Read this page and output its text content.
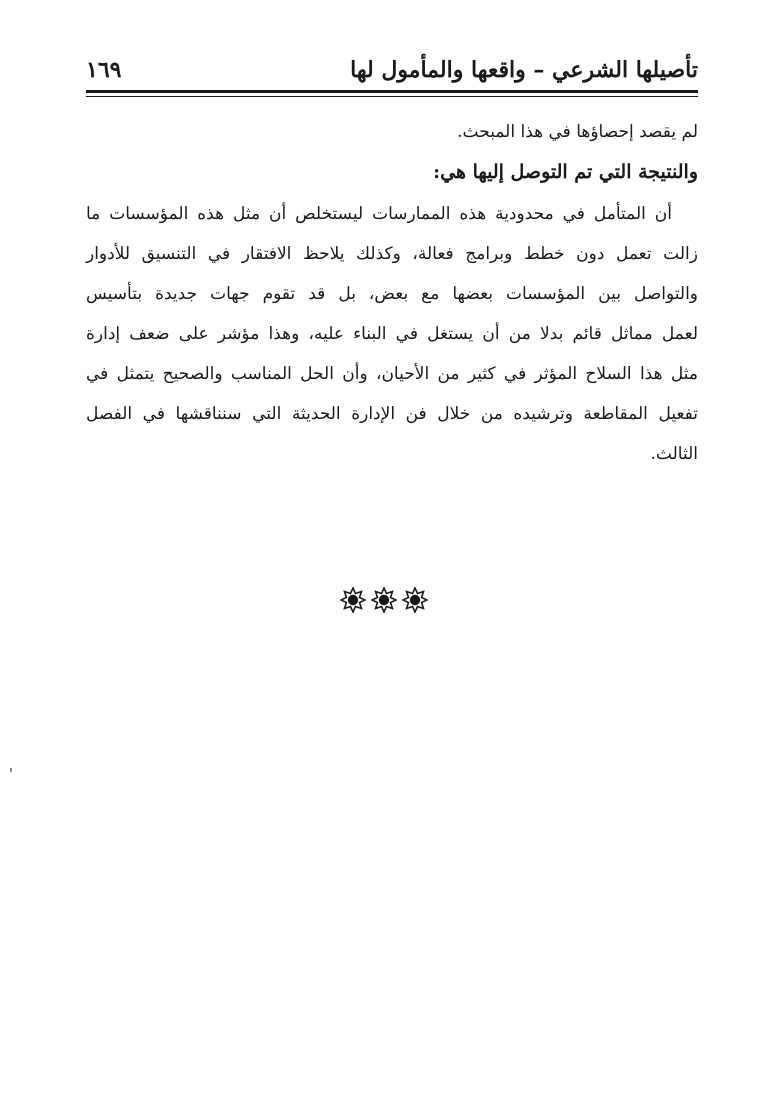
تأصيلها الشرعي – واقعها والمأمول لها
١٦٩
لم يقصد إحصاؤها في هذا المبحث.
والنتيجة التي تم التوصل إليها هي:
أن المتأمل في محدودية هذه الممارسات ليستخلص أن مثل هذه المؤسسات ما
زالت تعمل دون خطط وبرامج فعالة، وكذلك يلاحظ الافتقار في التنسيق للأدوار
والتواصل بين المؤسسات بعضها مع بعض، بل قد تقوم جهات جديدة بتأسيس
لعمل مماثل قائم بدلا من أن يستغل في البناء عليه، وهذا مؤشر على ضعف إدارة
مثل هذا السلاح المؤثر في كثير من الأحيان، وأن الحل المناسب والصحيح يتمثل في
تفعيل المقاطعة وترشيده من خلال فن الإدارة الحديثة التي سنناقشها في الفصل
الثالث.
